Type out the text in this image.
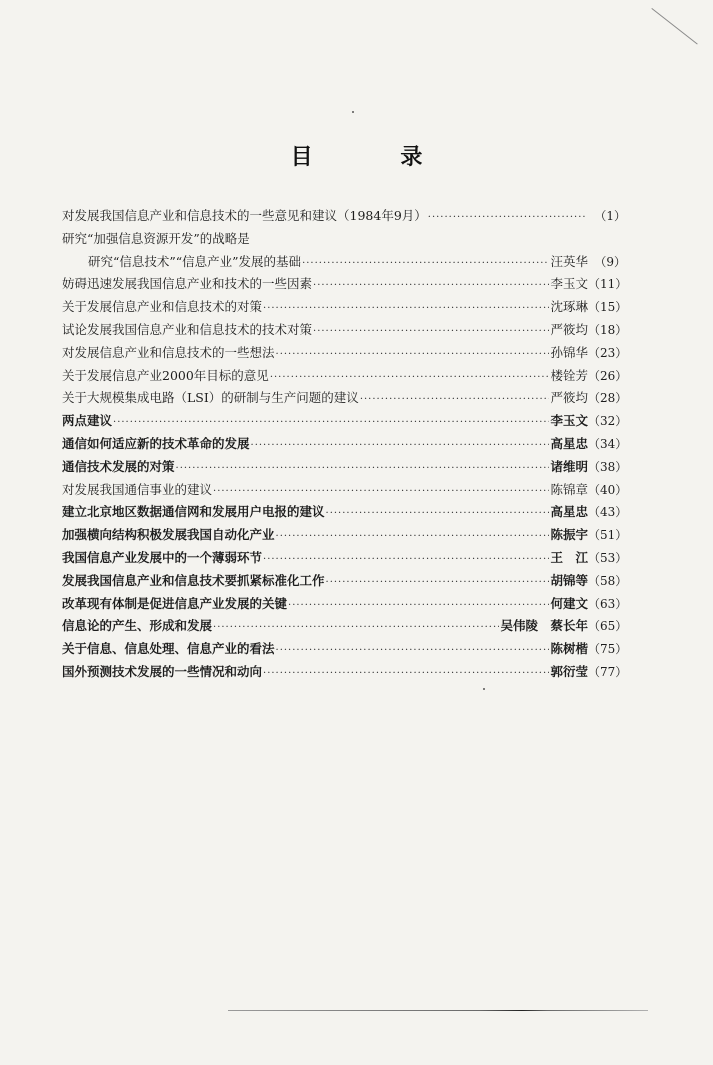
目 录
对发展我国信息产业和信息技术的一些意见和建议（1984年9月） ·····	（1）
研究“加强信息资源开发”的战略是
研究“信息技术”“信息产业”发展的基础 ·····	汪英华 （9）
妨碍迅速发展我国信息产业和技术的一些因素 ·····	李玉文 （11）
关于发展信息产业和信息技术的对策 ·····	沈琢琳 （15）
试论发展我国信息产业和信息技术的技术对策 ·····	严筱均 （18）
对发展信息产业和信息技术的一些想法 ·····	孙锦华 （23）
关于发展信息产业2000年目标的意见 ·····	楼铨芳 （26）
关于大规模集成电路（LSI）的研制与生产问题的建议 ·····	严筱均 （28）
两点建议 ·····	李玉文 （32）
通信如何适应新的技术革命的发展 ·····	高星忠 （34）
通信技术发展的对策 ·····	诸维明 （38）
对发展我国通信事业的建议 ·····	陈锦章 （40）
建立北京地区数据通信网和发展用户电报的建议 ·····	高星忠 （43）
加强横向结构积极发展我国自动化产业 ·····	陈振宇 （51）
我国信息产业发展中的一个薄弱环节 ·····	王　江 （53）
发展我国信息产业和信息技术要抓紧标准化工作 ·····	胡锦等 （58）
改革现有体制是促进信息产业发展的关键 ·····	何建文 （63）
信息论的产生、形成和发展 ·····	吴伟陵　蔡长年 （65）
关于信息、信息处理、信息产业的看法 ·····	陈树楷 （75）
国外预测技术发展的一些情况和动向 ·····	郭衍莹 （77）
